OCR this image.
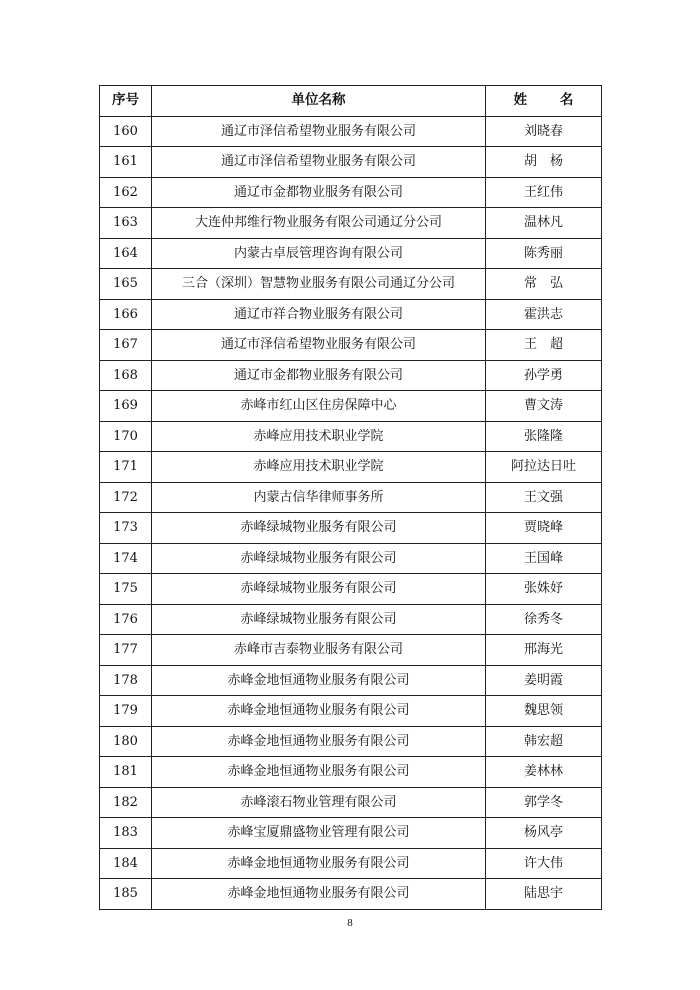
序号	单位名称	姓 名
160	通辽市泽信希望物业服务有限公司	刘晓春
161	通辽市泽信希望物业服务有限公司	胡　杨
162	通辽市金都物业服务有限公司	王红伟
163	大连仲邦维行物业服务有限公司通辽分公司	温林凡
164	内蒙古卓辰管理咨询有限公司	陈秀丽
165	三合（深圳）智慧物业服务有限公司通辽分公司	常　弘
166	通辽市祥合物业服务有限公司	霍洪志
167	通辽市泽信希望物业服务有限公司	王　超
168	通辽市金都物业服务有限公司	孙学勇
169	赤峰市红山区住房保障中心	曹文涛
170	赤峰应用技术职业学院	张隆隆
171	赤峰应用技术职业学院	阿拉达日吐
172	内蒙古信华律师事务所	王文强
173	赤峰绿城物业服务有限公司	贾晓峰
174	赤峰绿城物业服务有限公司	王国峰
175	赤峰绿城物业服务有限公司	张姝妤
176	赤峰绿城物业服务有限公司	徐秀冬
177	赤峰市吉泰物业服务有限公司	邢海光
178	赤峰金地恒通物业服务有限公司	姜明霞
179	赤峰金地恒通物业服务有限公司	魏思领
180	赤峰金地恒通物业服务有限公司	韩宏超
181	赤峰金地恒通物业服务有限公司	姜林林
182	赤峰滚石物业管理有限公司	郭学冬
183	赤峰宝厦鼎盛物业管理有限公司	杨风亭
184	赤峰金地恒通物业服务有限公司	许大伟
185	赤峰金地恒通物业服务有限公司	陆思宇
8
